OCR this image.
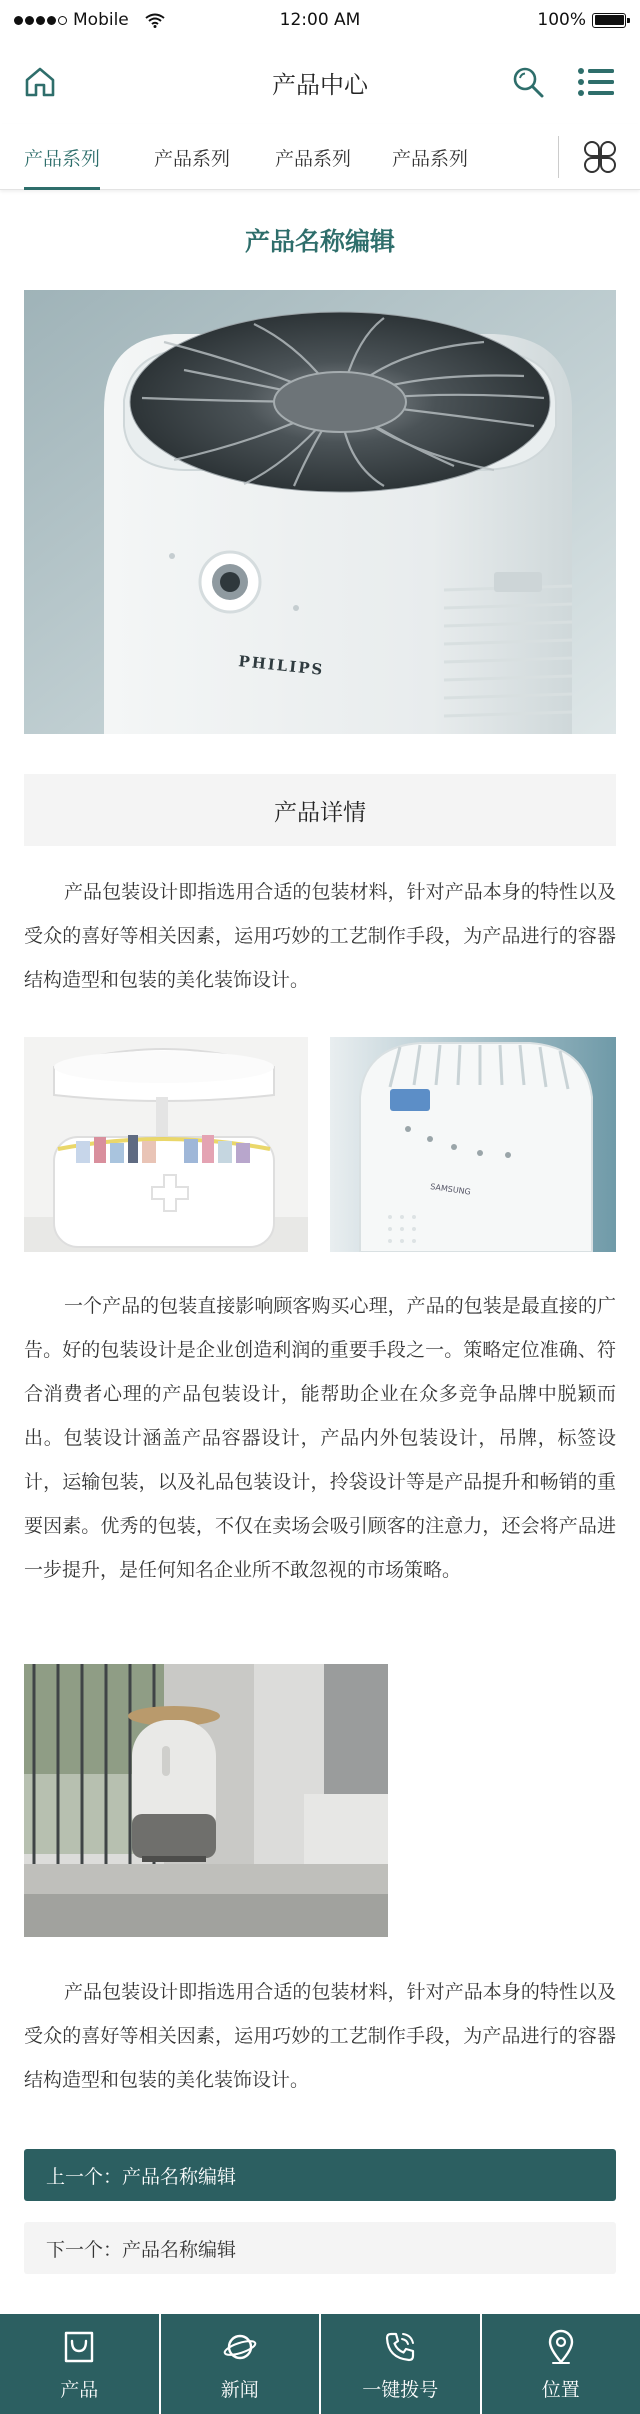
Mobile	12:00 AM	100%
产品中心
产品系列	产品系列 产品系列 产品系列
产品名称编辑
PHILIPS
产品详情
产品包装设计即指选用合适的包装材料，针对产品本身的特性以及受众的喜好等相关因素，运用巧妙的工艺制作手段，为产品进行的容器结构造型和包装的美化装饰设计。
SAMSUNG
一个产品的包装直接影响顾客购买心理，产品的包装是最直接的广告。好的包装设计是企业创造利润的重要手段之一。策略定位准确、符合消费者心理的产品包装设计，能帮助企业在众多竞争品牌中脱颖而出。包装设计涵盖产品容器设计，产品内外包装设计，吊牌，标签设计，运输包装，以及礼品包装设计，拎袋设计等是产品提升和畅销的重要因素。优秀的包装，不仅在卖场会吸引顾客的注意力，还会将产品进一步提升，是任何知名企业所不敢忽视的市场策略。
产品包装设计即指选用合适的包装材料，针对产品本身的特性以及受众的喜好等相关因素，运用巧妙的工艺制作手段，为产品进行的容器结构造型和包装的美化装饰设计。
上一个：产品名称编辑
下一个：产品名称编辑
产品	新闻	一键拨号	位置
